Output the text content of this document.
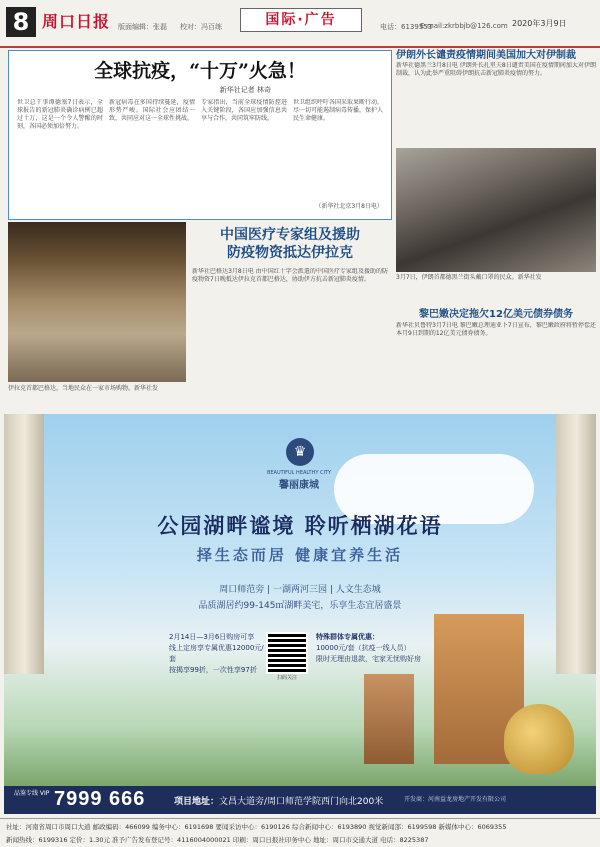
8 周口日报 版面编辑：张磊 校对：冯百练	国际·广告	电话：6139553
E-mail:zkrbbjb@126.com 2020年3月9日
全球抗疫，“十万”火急！
新华社记者 林奇
世卫总干事谭德塞7日表示，全球报告的新冠肺炎确诊病例已超过十万，这是一个令人警醒的时刻，各国必须加倍努力。
新冠病毒在多国持续蔓延，疫情形势严峻。国际社会应团结一致，共同应对这一全球性挑战。
专家指出，当前全球疫情防控进入关键阶段，各国应加强信息共享与合作，共同筑牢防线。
世卫组织呼吁各国采取果断行动，尽一切可能遏制病毒传播，保护人民生命健康。
（新华社北京3月8日电）
中国医疗专家组及援助
防疫物资抵达伊拉克
新华社巴格达3月8日电 由中国红十字会派遣的中国医疗专家组及援助的防疫物资7日晚抵达伊拉克首都巴格达，协助伊方抗击新冠肺炎疫情。
伊拉克首都巴格达，当地民众在一家市场购物。新华社发
伊朗外长谴责疫情期间美国加大对伊制裁
新华社德黑兰3月8日电 伊朗外长扎里夫8日谴责美国在疫情期间加大对伊朗制裁，认为此举严重阻碍伊朗抗击新冠肺炎疫情的努力。
3月7日，伊朗首都德黑兰街头戴口罩的民众。新华社发
黎巴嫩决定拖欠12亿美元债券债务
新华社贝鲁特3月7日电 黎巴嫩总理迪亚卜7日宣布，黎巴嫩政府将暂停偿还本月9日到期的12亿美元债券债务。
♛
BEAUTIFUL HEALTHY CITY
馨丽康城
公园湖畔谧境 聆听栖湖花语
择生态而居 健康宜养生活
周口师范旁 | 一湖两河三园 | 人文生态城
品质湖居约99-145㎡湖畔美宅，乐享生态宜居盛景
2月14日—3月6日购房可享
线上定房享专属优惠12000元/套
按揭享99折，一次性享97折
扫码关注
特殊群体专属优惠：
10000元/套（抗疫一线人员）
限时无理由退款，宅家无忧购好房
品鉴专线 VIP 7999 666	项目地址：文昌大道旁/周口师范学院西门向北200米	开发商：河南益龙房地产开发有限公司
社址：河南省周口市周口大道 邮政编码：466099 编务中心：6191698 要闻采访中心：6190126 综合新闻中心：6193890 视觉新闻部：6199598 新媒体中心：6069355
新闻热线：6199316 定价：1.30元 准予广告发布登记号：4116004000021 印刷：周口日报社印务中心 地址：周口市交通大道 电话：8225387
